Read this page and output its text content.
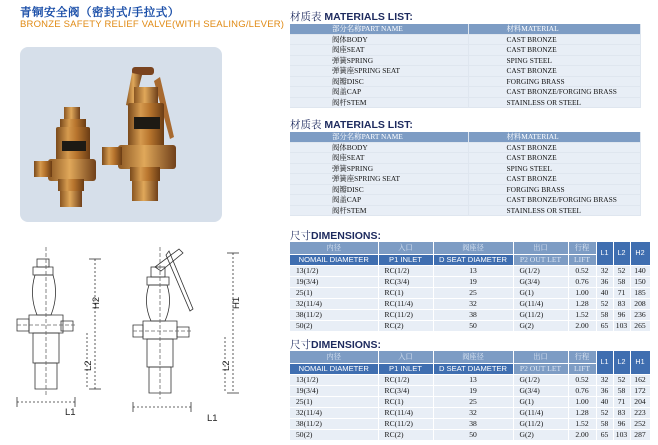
青铜安全阀（密封式/手拉式）
BRONZE SAFETY RELIEF VALVE(WITH SEALING/LEVER)
H2
L2
L1
H1
L2
L1
材质表 MATERIALS LIST:
部分名称PART NAME	材料MATERIAL
阀体BODY	CAST BRONZE
阀座SEAT	CAST BRONZE
弹簧SPRING	SPING STEEL
弹簧座SPRING SEAT	CAST BRONZE
阀瓣DISC	FORGING BRASS
阀盖CAP	CAST BRONZE/FORGING BRASS
阀杆STEM	STAINLESS OR STEEL
材质表 MATERIALS LIST:
部分名称PART NAME	材料MATERIAL
阀体BODY	CAST BRONZE
阀座SEAT	CAST BRONZE
弹簧SPRING	SPING STEEL
弹簧座SPRING SEAT	CAST BRONZE
阀瓣DISC	FORGING BRASS
阀盖CAP	CAST BRONZE/FORGING BRASS
阀杆STEM	STAINLESS OR STEEL
尺寸DIMENSIONS:
内径	入口	阀座径	出口	行程	L1	L2	H2
NOMAIL DIAMETER	P1 INLET	D SEAT DIAMETER	P2 OUT LET	LIFT			
13(1/2)	RC(1/2)	13	G(1/2)	0.52	32	52	140
19(3/4)	RC(3/4)	19	G(3/4)	0.76	36	58	150
25(1)	RC(1)	25	G(1)	1.00	40	71	185
32(11/4)	RC(11/4)	32	G(11/4)	1.28	52	83	208
38(11/2)	RC(11/2)	38	G(11/2)	1.52	58	96	236
50(2)	RC(2)	50	G(2)	2.00	65	103	265
尺寸DIMENSIONS:
内径	入口	阀座径	出口	行程	L1	L2	H1
NOMAIL DIAMETER	P1 INLET	D SEAT DIAMETER	P2 OUT LET	LIFT			
13(1/2)	RC(1/2)	13	G(1/2)	0.52	32	52	162
19(3/4)	RC(3/4)	19	G(3/4)	0.76	36	58	172
25(1)	RC(1)	25	G(1)	1.00	40	71	204
32(11/4)	RC(11/4)	32	G(11/4)	1.28	52	83	223
38(11/2)	RC(11/2)	38	G(11/2)	1.52	58	96	252
50(2)	RC(2)	50	G(2)	2.00	65	103	287
